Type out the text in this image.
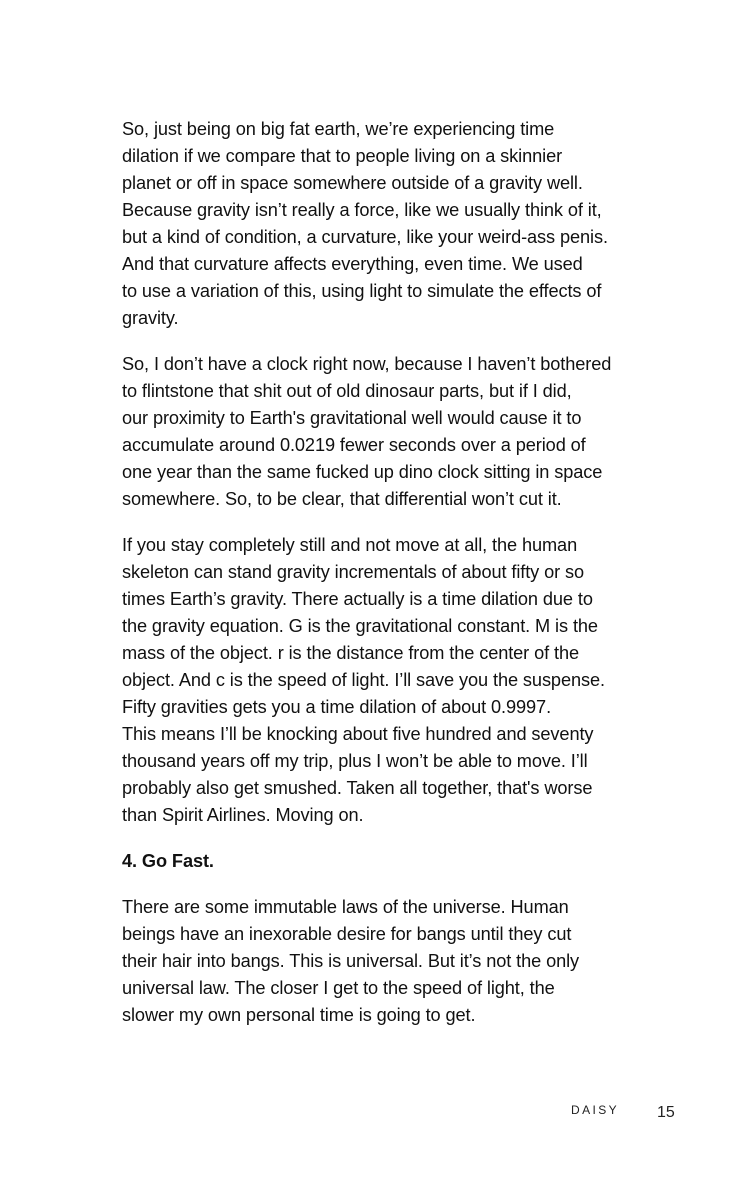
So, just being on big fat earth, we’re experiencing time
dilation if we compare that to people living on a skinnier
planet or off in space somewhere outside of a gravity well.
Because gravity isn’t really a force, like we usually think of it,
but a kind of condition, a curvature, like your weird-ass penis.
And that curvature affects everything, even time. We used
to use a variation of this, using light to simulate the effects of
gravity.

So, I don’t have a clock right now, because I haven’t bothered
to flintstone that shit out of old dinosaur parts, but if I did,
our proximity to Earth's gravitational well would cause it to
accumulate around 0.0219 fewer seconds over a period of
one year than the same fucked up dino clock sitting in space
somewhere. So, to be clear, that differential won’t cut it.

If you stay completely still and not move at all, the human
skeleton can stand gravity incrementals of about fifty or so
times Earth’s gravity. There actually is a time dilation due to
the gravity equation. G is the gravitational constant. M is the
mass of the object. r is the distance from the center of the
object. And c is the speed of light. I’ll save you the suspense.
Fifty gravities gets you a time dilation of about 0.9997.
This means I’ll be knocking about five hundred and seventy
thousand years off my trip, plus I won’t be able to move. I’ll
probably also get smushed. Taken all together, that's worse
than Spirit Airlines. Moving on.

4. Go Fast.

There are some immutable laws of the universe. Human
beings have an inexorable desire for bangs until they cut
their hair into bangs. This is universal. But it’s not the only
universal law. The closer I get to the speed of light, the
slower my own personal time is going to get.

DAISY 15
